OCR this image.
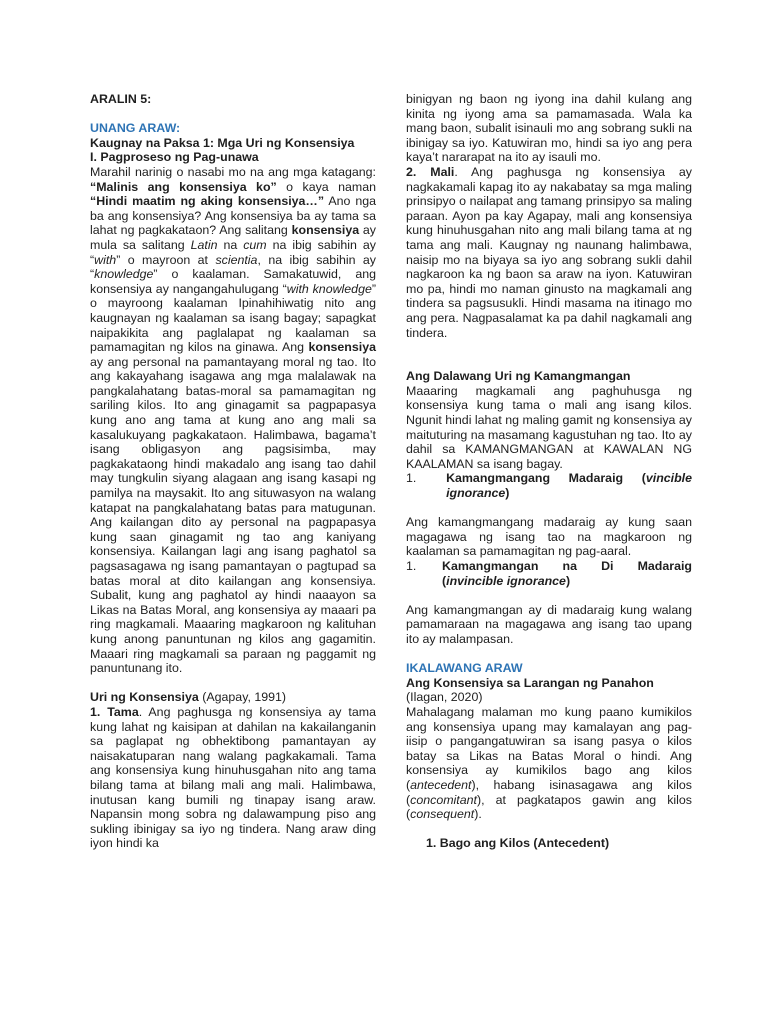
ARALIN 5:

UNANG ARAW:

Kaugnay na Paksa 1: Mga Uri ng Konsensiya

I. Pagproseso ng Pag-unawa

Marahil narinig o nasabi mo na ang mga katagang: “Malinis ang konsensiya ko” o kaya naman “Hindi maatim ng aking konsensiya…” Ano nga ba ang konsensiya? Ang konsensiya ba ay tama sa lahat ng pagkakataon? Ang salitang konsensiya ay mula sa salitang Latin na cum na ibig sabihin ay “with” o mayroon at scientia, na ibig sabihin ay “knowledge” o kaalaman. Samakatuwid, ang konsensiya ay nangangahulugang “with knowledge” o mayroong kaalaman Ipinahihiwatig nito ang kaugnayan ng kaalaman sa isang bagay; sapagkat naipakikita ang paglalapat ng kaalaman sa pamamagitan ng kilos na ginawa. Ang konsensiya ay ang personal na pamantayang moral ng tao. Ito ang kakayahang isagawa ang mga malalawak na pangkalahatang batas-moral sa pamamagitan ng sariling kilos. Ito ang ginagamit sa pagpapasya kung ano ang tama at kung ano ang mali sa kasalukuyang pagkakataon. Halimbawa, bagama’t isang obligasyon ang pagsisimba, may pagkakataong hindi makadalo ang isang tao dahil may tungkulin siyang alagaan ang isang kasapi ng pamilya na maysakit. Ito ang situwasyon na walang katapat na pangkalahatang batas para matugunan. Ang kailangan dito ay personal na pagpapasya kung saan ginagamit ng tao ang kaniyang konsensiya. Kailangan lagi ang isang paghatol sa pagsasagawa ng isang pamantayan o pagtupad sa batas moral at dito kailangan ang konsensiya. Subalit, kung ang paghatol ay hindi naaayon sa Likas na Batas Moral, ang konsensiya ay maaari pa ring magkamali. Maaaring magkaroon ng kalituhan kung anong panuntunan ng kilos ang gagamitin. Maaari ring magkamali sa paraan ng paggamit ng panuntunang ito.

Uri ng Konsensiya (Agapay, 1991)

1. Tama. Ang paghusga ng konsensiya ay tama kung lahat ng kaisipan at dahilan na kakailanganin sa paglapat ng obhektibong pamantayan ay naisakatuparan nang walang pagkakamali. Tama ang konsensiya kung hinuhusgahan nito ang tama bilang tama at bilang mali ang mali. Halimbawa, inutusan kang bumili ng tinapay isang araw. Napansin mong sobra ng dalawampung piso ang sukling ibinigay sa iyo ng tindera. Nang araw ding iyon hindi ka

binigyan ng baon ng iyong ina dahil kulang ang kinita ng iyong ama sa pamamasada. Wala ka mang baon, subalit isinauli mo ang sobrang sukli na ibinigay sa iyo. Katuwiran mo, hindi sa iyo ang pera kaya’t nararapat na ito ay isauli mo.

2. Mali. Ang paghusga ng konsensiya ay nagkakamali kapag ito ay nakabatay sa mga maling prinsipyo o nailapat ang tamang prinsipyo sa maling paraan. Ayon pa kay Agapay, mali ang konsensiya kung hinuhusgahan nito ang mali bilang tama at ng tama ang mali. Kaugnay ng naunang halimbawa, naisip mo na biyaya sa iyo ang sobrang sukli dahil nagkaroon ka ng baon sa araw na iyon. Katuwiran mo pa, hindi mo naman ginusto na magkamali ang tindera sa pagsusukli. Hindi masama na itinago mo ang pera. Nagpasalamat ka pa dahil nagkamali ang tindera.

Ang Dalawang Uri ng Kamangmangan

Maaaring magkamali ang paghuhusga ng konsensiya kung tama o mali ang isang kilos. Ngunit hindi lahat ng maling gamit ng konsensiya ay maituturing na masamang kagustuhan ng tao. Ito ay dahil sa KAMANGMANGAN at KAWALAN NG KAALAMAN sa isang bagay.

1.	Kamangmangang Madaraig (vincible ignorance)

Ang kamangmangang madaraig ay kung saan magagawa ng isang tao na magkaroon ng kaalaman sa pamamagitan ng pag-aaral.

1.	Kamangmangan na Di Madaraig (invincible ignorance)

Ang kamangmangan ay di madaraig kung walang pamamaraan na magagawa ang isang tao upang ito ay malampasan.

IKALAWANG ARAW

Ang Konsensiya sa Larangan ng Panahon

(Ilagan, 2020)

Mahalagang malaman mo kung paano kumikilos ang konsensiya upang may kamalayan ang pag-iisip o pangangatuwiran sa isang pasya o kilos batay sa Likas na Batas Moral o hindi. Ang konsensiya ay kumikilos bago ang kilos (antecedent), habang isinasagawa ang kilos (concomitant), at pagkatapos gawin ang kilos (consequent).

1. Bago ang Kilos (Antecedent)
